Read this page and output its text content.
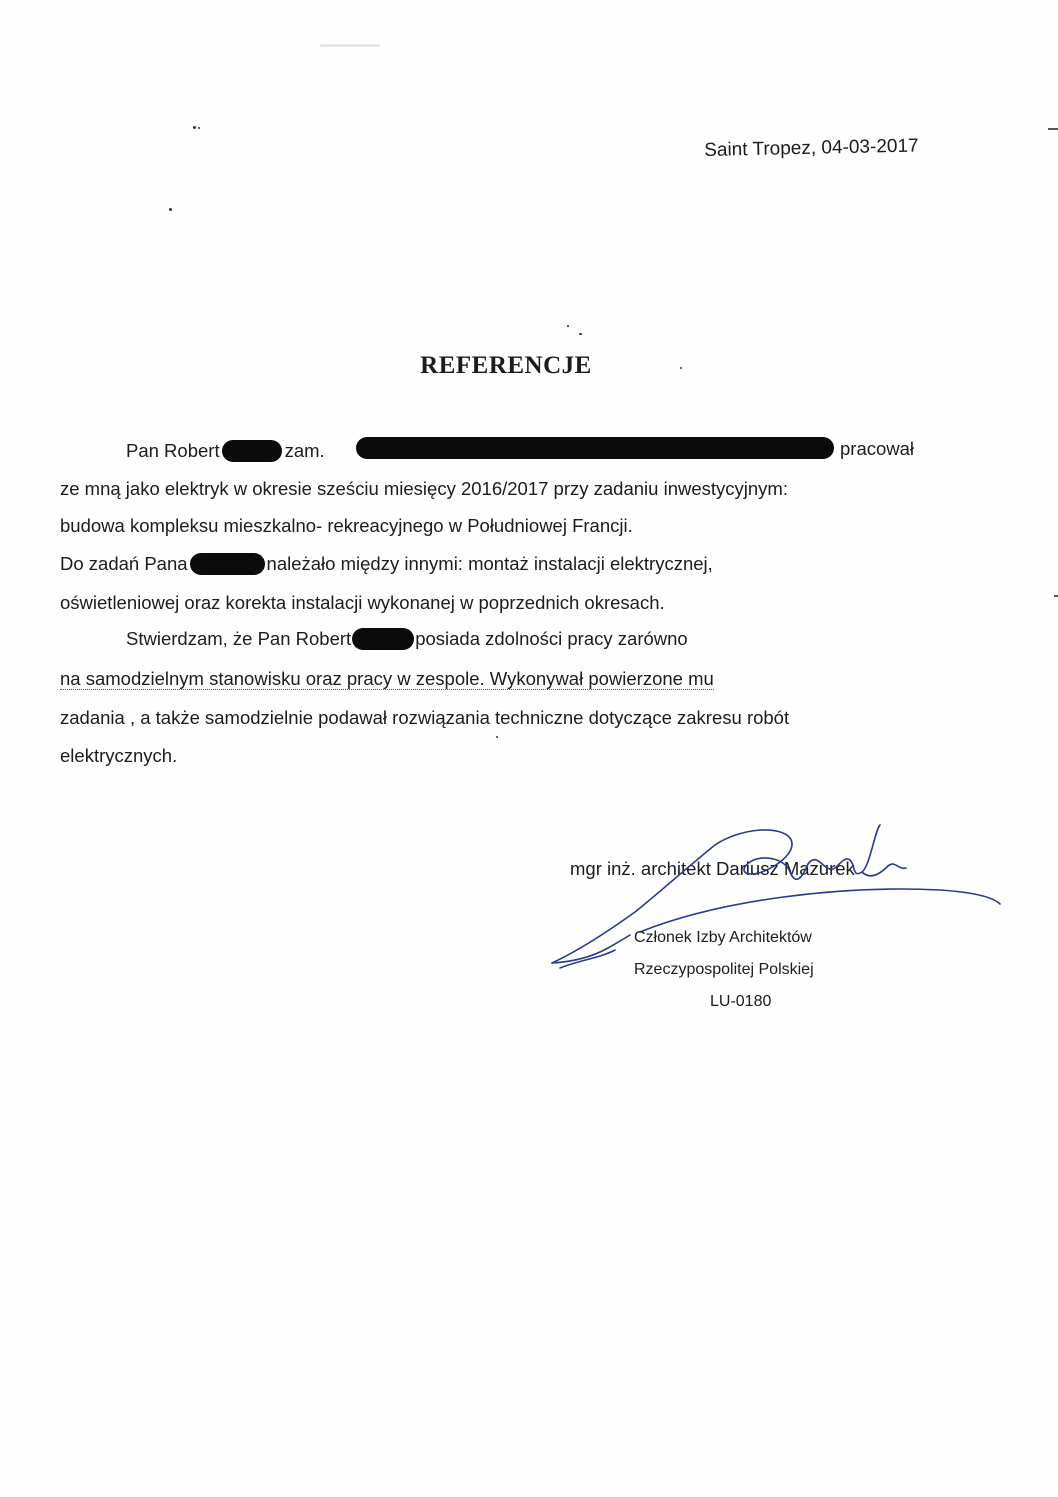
Saint Tropez, 04-03-2017
REFERENCJE
Pan Robert	zam.	pracował
ze mną jako elektryk w okresie sześciu miesięcy 2016/2017 przy zadaniu inwestycyjnym:
budowa kompleksu mieszkalno- rekreacyjnego w Południowej Francji.
Do zadań Pana	należało między innymi: montaż instalacji elektrycznej,
oświetleniowej oraz korekta instalacji wykonanej w poprzednich okresach.
Stwierdzam, że Pan Robert	posiada zdolności pracy zarówno
na samodzielnym stanowisku oraz pracy w zespole. Wykonywał powierzone mu
zadania , a także samodzielnie podawał rozwiązania techniczne dotyczące zakresu robót
elektrycznych.
mgr inż. architekt Dariusz Mazurek
Członek Izby Architektów
Rzeczypospolitej Polskiej
LU-0180
